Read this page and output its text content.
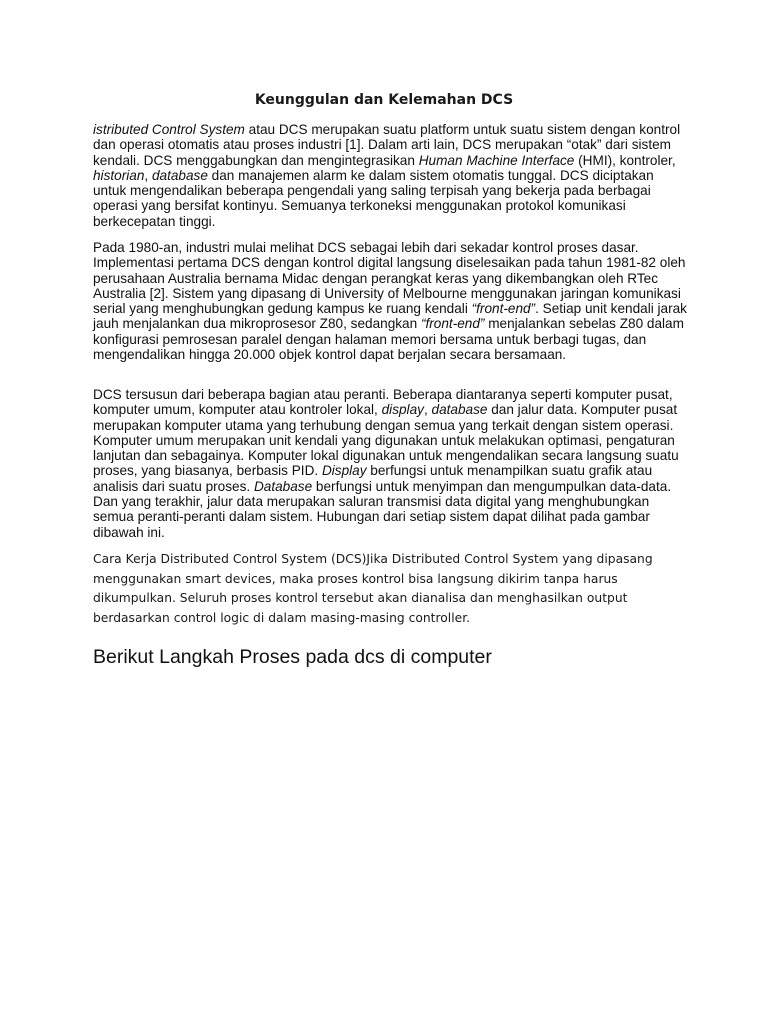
Keunggulan dan Kelemahan DCS

istributed Control System atau DCS merupakan suatu platform untuk suatu sistem dengan kontrol dan operasi otomatis atau proses industri [1]. Dalam arti lain, DCS merupakan “otak” dari sistem kendali. DCS menggabungkan dan mengintegrasikan Human Machine Interface (HMI), kontroler, historian, database dan manajemen alarm ke dalam sistem otomatis tunggal. DCS diciptakan untuk mengendalikan beberapa pengendali yang saling terpisah yang bekerja pada berbagai operasi yang bersifat kontinyu. Semuanya terkoneksi menggunakan protokol komunikasi berkecepatan tinggi.

Pada 1980-an, industri mulai melihat DCS sebagai lebih dari sekadar kontrol proses dasar. Implementasi pertama DCS dengan kontrol digital langsung diselesaikan pada tahun 1981-82 oleh perusahaan Australia bernama Midac dengan perangkat keras yang dikembangkan oleh RTec Australia [2]. Sistem yang dipasang di University of Melbourne menggunakan jaringan komunikasi serial yang menghubungkan gedung kampus ke ruang kendali “front-end”. Setiap unit kendali jarak jauh menjalankan dua mikroprosesor Z80, sedangkan “front-end” menjalankan sebelas Z80 dalam konfigurasi pemrosesan paralel dengan halaman memori bersama untuk berbagi tugas, dan mengendalikan hingga 20.000 objek kontrol dapat berjalan secara bersamaan.

DCS tersusun dari beberapa bagian atau peranti. Beberapa diantaranya seperti komputer pusat, komputer umum, komputer atau kontroler lokal, display, database dan jalur data. Komputer pusat merupakan komputer utama yang terhubung dengan semua yang terkait dengan sistem operasi. Komputer umum merupakan unit kendali yang digunakan untuk melakukan optimasi, pengaturan lanjutan dan sebagainya. Komputer lokal digunakan untuk mengendalikan secara langsung suatu proses, yang biasanya, berbasis PID. Display berfungsi untuk menampilkan suatu grafik atau analisis dari suatu proses. Database berfungsi untuk menyimpan dan mengumpulkan data-data. Dan yang terakhir, jalur data merupakan saluran transmisi data digital yang menghubungkan semua peranti-peranti dalam sistem. Hubungan dari setiap sistem dapat dilihat pada gambar dibawah ini.

Cara Kerja Distributed Control System (DCS)Jika Distributed Control System yang dipasang menggunakan smart devices, maka proses kontrol bisa langsung dikirim tanpa harus dikumpulkan. Seluruh proses kontrol tersebut akan dianalisa dan menghasilkan output berdasarkan control logic di dalam masing-masing controller.

Berikut Langkah Proses pada dcs di computer
